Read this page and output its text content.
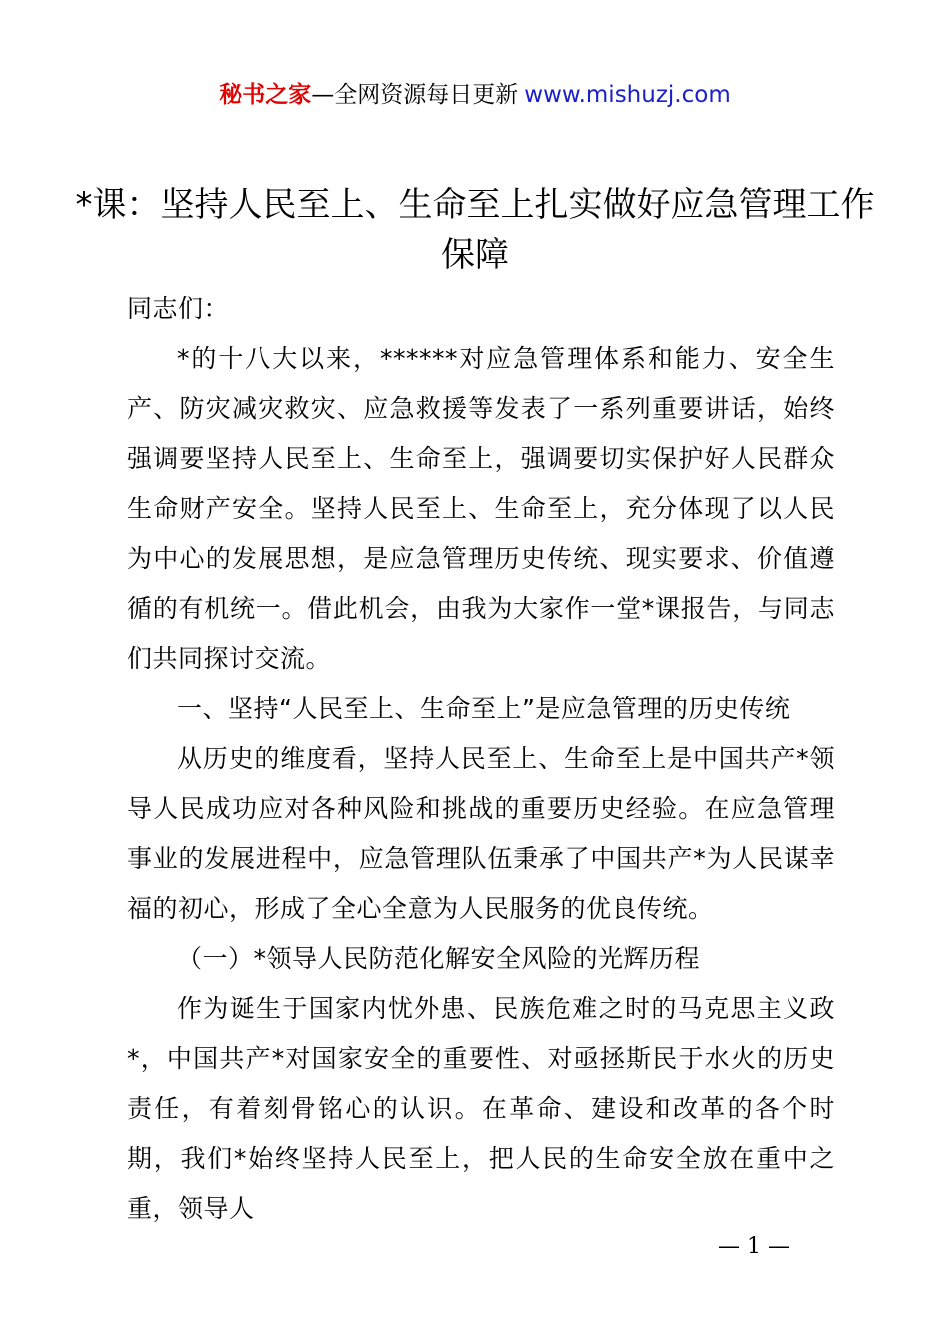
秘书之家—全网资源每日更新 www.mishuzj.com
*课：坚持人民至上、生命至上扎实做好应急管理工作保障

同志们：

*的十八大以来，******对应急管理体系和能力、安全生产、防灾减灾救灾、应急救援等发表了一系列重要讲话，始终强调要坚持人民至上、生命至上，强调要切实保护好人民群众生命财产安全。坚持人民至上、生命至上，充分体现了以人民为中心的发展思想，是应急管理历史传统、现实要求、价值遵循的有机统一。借此机会，由我为大家作一堂*课报告，与同志们共同探讨交流。

一、坚持“人民至上、生命至上”是应急管理的历史传统

从历史的维度看，坚持人民至上、生命至上是中国共产*领导人民成功应对各种风险和挑战的重要历史经验。在应急管理事业的发展进程中，应急管理队伍秉承了中国共产*为人民谋幸福的初心，形成了全心全意为人民服务的优良传统。

（一）*领导人民防范化解安全风险的光辉历程

作为诞生于国家内忧外患、民族危难之时的马克思主义政*，中国共产*对国家安全的重要性、对亟拯斯民于水火的历史责任，有着刻骨铭心的认识。在革命、建设和改革的各个时期，我们*始终坚持人民至上，把人民的生命安全放在重中之重，领导人

— 1 —
